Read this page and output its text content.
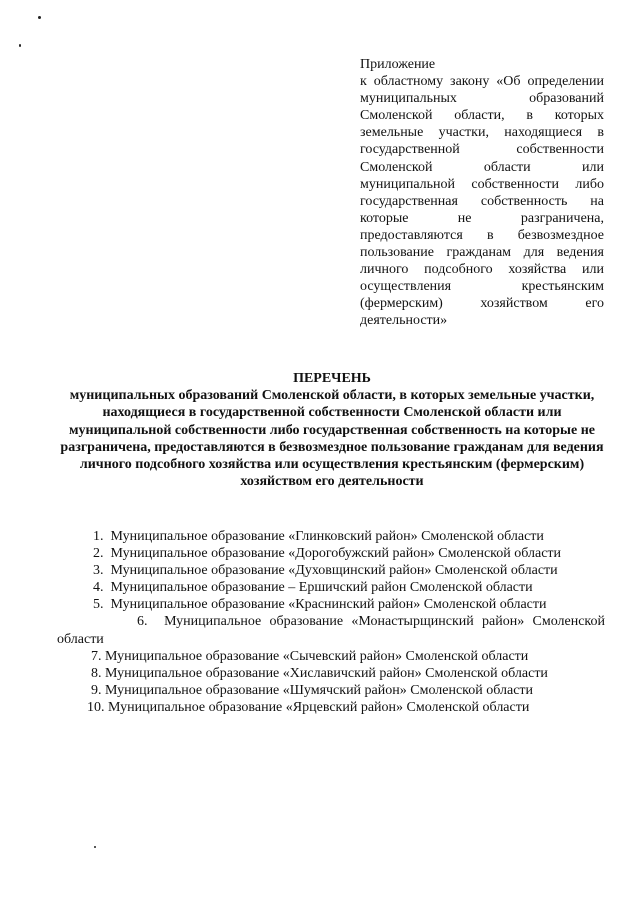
Приложение
к областному закону «Об определении муниципальных образований Смоленской области, в которых земельные участки, находящиеся в государственной собственности Смоленской области или муниципальной собственности либо государственная собственность на которые не разграничена, предоставляются в безвозмездное пользование гражданам для ведения личного подсобного хозяйства или осуществления крестьянским (фермерским) хозяйством его деятельности»
ПЕРЕЧЕНЬ
муниципальных образований Смоленской области, в которых земельные участки, находящиеся в государственной собственности Смоленской области или муниципальной собственности либо государственная собственность на которые не разграничена, предоставляются в безвозмездное пользование гражданам для ведения личного подсобного хозяйства или осуществления крестьянским (фермерским) хозяйством его деятельности
1. Муниципальное образование «Глинковский район» Смоленской области
2. Муниципальное образование «Дорогобужский район» Смоленской области
3. Муниципальное образование «Духовщинский район» Смоленской области
4. Муниципальное образование – Ершичский район Смоленской области
5. Муниципальное образование «Краснинский район» Смоленской области
6. Муниципальное образование «Монастырщинский район» Смоленской области
7. Муниципальное образование «Сычевский район» Смоленской области
8. Муниципальное образование «Хиславичский район» Смоленской области
9. Муниципальное образование «Шумячский район» Смоленской области
10. Муниципальное образование «Ярцевский район» Смоленской области
